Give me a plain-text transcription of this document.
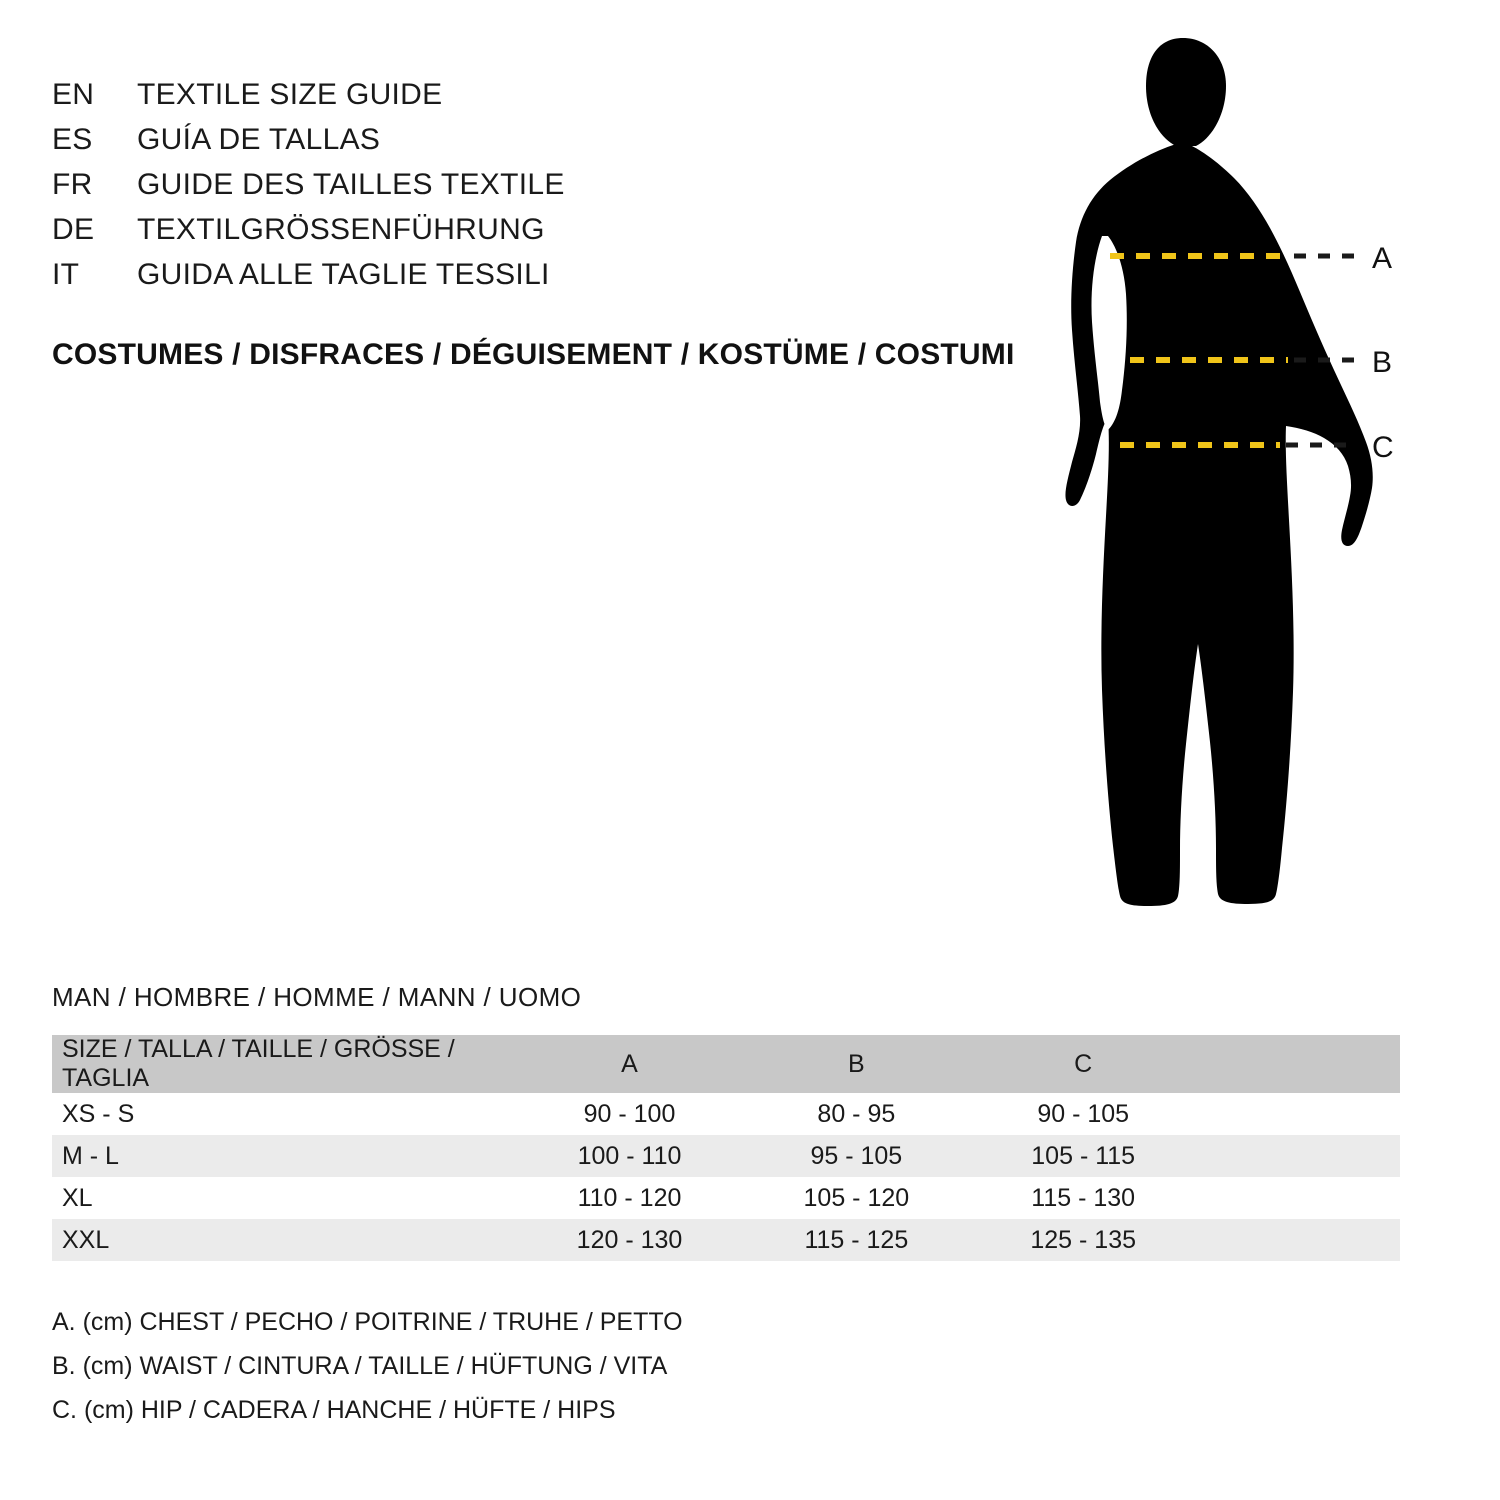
EN	TEXTILE SIZE GUIDE
ES	GUÍA DE TALLAS
FR	GUIDE DES TAILLES TEXTILE
DE	TEXTILGRÖSSENFÜHRUNG
IT	GUIDA ALLE TAGLIE TESSILI
COSTUMES / DISFRACES / DÉGUISEMENT / KOSTÜME / COSTUMI
A
B
C
MAN / HOMBRE / HOMME / MANN / UOMO
SIZE / TALLA / TAILLE / GRÖSSE / TAGLIA	A	B	C	
XS - S	90 - 100	80 - 95	90 - 105	
M - L	100 - 110	95 - 105	105 - 115	
XL	110 - 120	105 - 120	115 - 130	
XXL	120 - 130	115 - 125	125 - 135	
A. (cm) CHEST / PECHO / POITRINE / TRUHE / PETTO
B. (cm) WAIST / CINTURA / TAILLE / HÜFTUNG / VITA
C. (cm) HIP / CADERA / HANCHE / HÜFTE / HIPS
